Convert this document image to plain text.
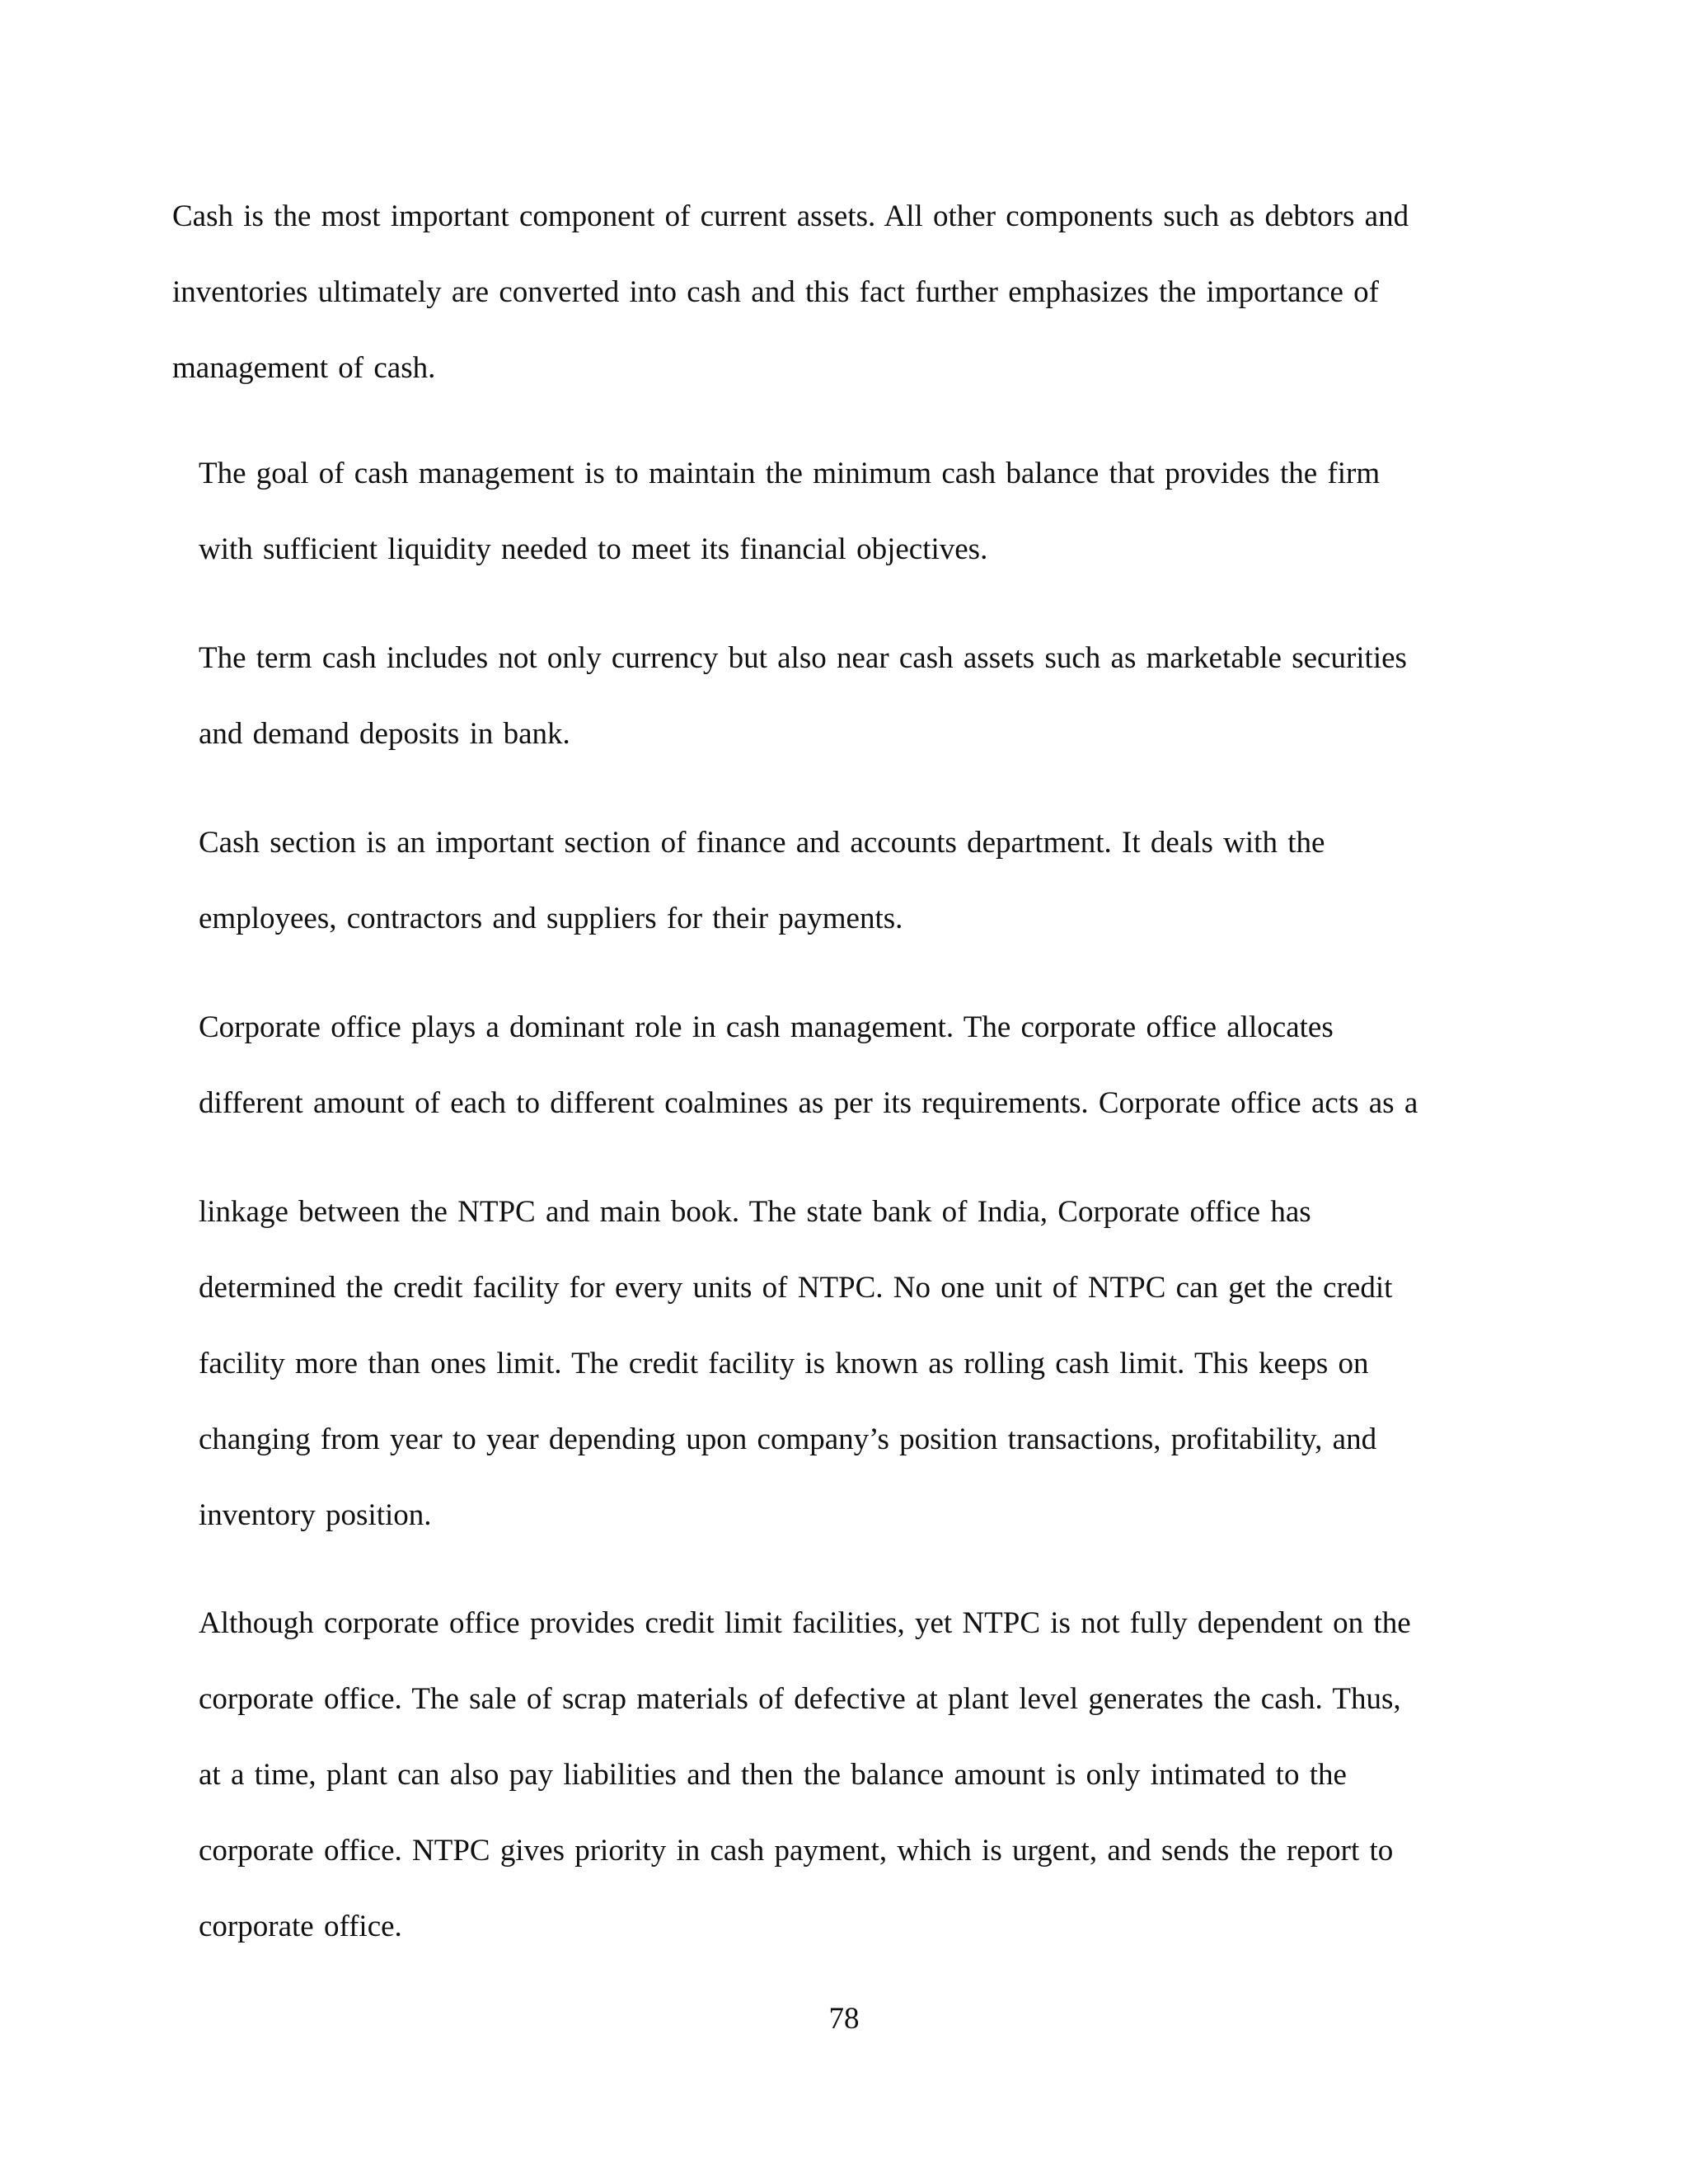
Cash is the most important component of current assets. All other components such as debtors and
inventories ultimately are converted into cash and this fact further emphasizes the importance of
management of cash.
The goal of cash management is to maintain the minimum cash balance that provides the firm
with sufficient liquidity needed to meet its financial objectives.
The term cash includes not only currency but also near cash assets such as marketable securities
and demand deposits in bank.
Cash section is an important section of finance and accounts department. It deals with the
employees, contractors and suppliers for their payments.
Corporate office plays a dominant role in cash management. The corporate office allocates
different amount of each to different coalmines as per its requirements. Corporate office acts as a
linkage between the NTPC and main book. The state bank of India, Corporate office has
determined the credit facility for every units of NTPC. No one unit of NTPC can get the credit
facility more than ones limit. The credit facility is known as rolling cash limit. This keeps on
changing from year to year depending upon company’s position transactions, profitability, and
inventory position.
Although corporate office provides credit limit facilities, yet NTPC is not fully dependent on the
corporate office. The sale of scrap materials of defective at plant level generates the cash. Thus,
at a time, plant can also pay liabilities and then the balance amount is only intimated to the
corporate office. NTPC gives priority in cash payment, which is urgent, and sends the report to
corporate office.
78
